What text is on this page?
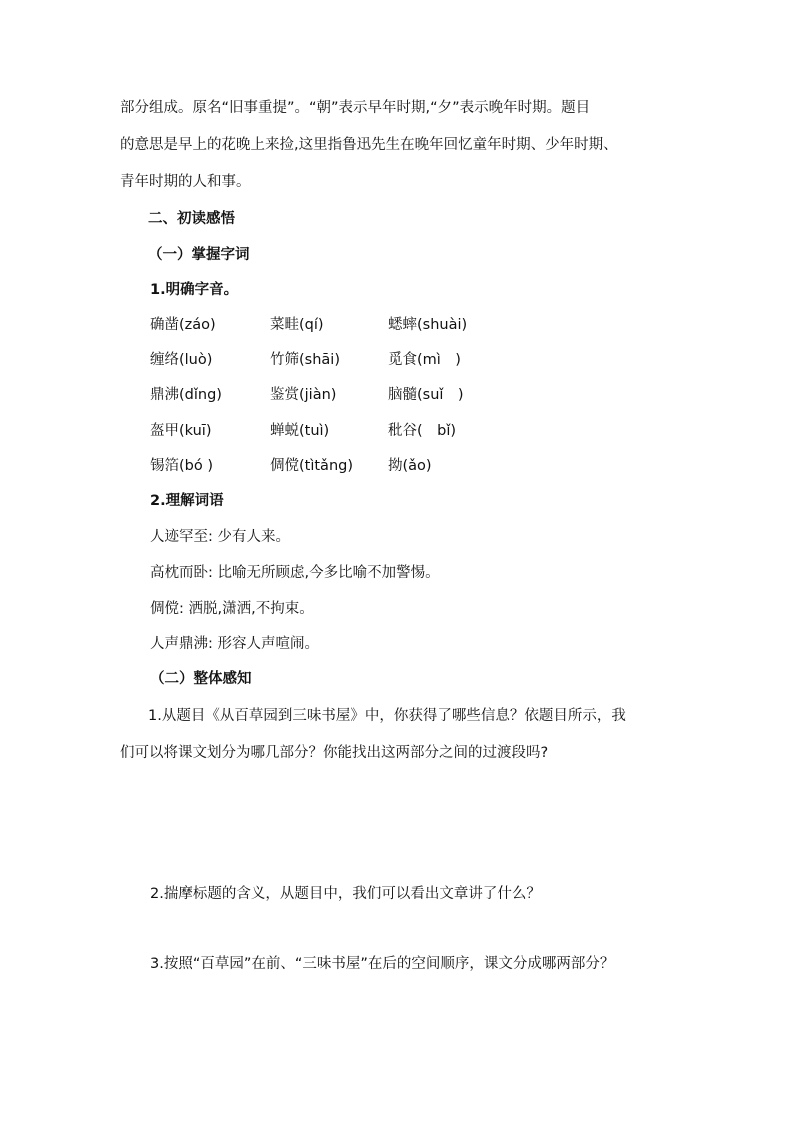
部分组成。原名“旧事重提”。“朝”表示早年时期,“夕”表示晚年时期。题目
的意思是早上的花晚上来捡,这里指鲁迅先生在晚年回忆童年时期、少年时期、
青年时期的人和事。
二、初读感悟
（一）掌握字词
1.明确字音。
确凿(záo)	菜畦(qí)	蟋蟀(shuài)
缠络(luò)	竹筛(shāi)	觅食(mì　)
鼎沸(dǐng)	鉴赏(jiàn)	脑髓(suǐ　)
盔甲(kuī)	蝉蜕(tuì)	秕谷(　bǐ)
锡箔(bó )	倜傥(tìtǎng) 拗(ǎo)
2.理解词语
人迹罕至: 少有人来。
高枕而卧: 比喻无所顾虑,今多比喻不加警惕。
倜傥: 洒脱,潇洒,不拘束。
人声鼎沸: 形容人声喧闹。
（二）整体感知
1.从题目《从百草园到三味书屋》中，你获得了哪些信息？依题目所示，我
们可以将课文划分为哪几部分？你能找出这两部分之间的过渡段吗?
2.揣摩标题的含义，从题目中，我们可以看出文章讲了什么？
3.按照“百草园”在前、“三味书屋”在后的空间顺序，课文分成哪两部分？
